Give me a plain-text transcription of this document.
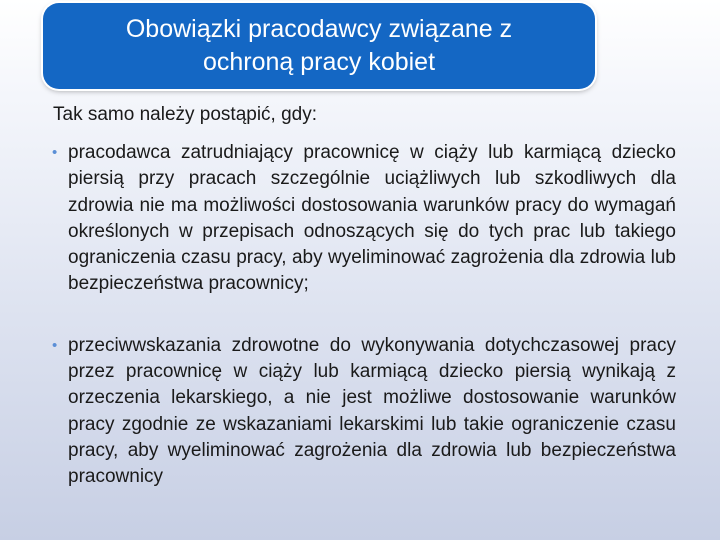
Obowiązki pracodawcy związane z ochroną pracy kobiet
Tak samo należy postąpić, gdy:
• pracodawca zatrudniający pracownicę w ciąży lub karmiącą dziecko piersią przy pracach szczególnie uciążliwych lub szkodliwych dla zdrowia nie ma możliwości dostosowania warunków pracy do wymagań określonych w przepisach odnoszących się do tych prac lub takiego ograniczenia czasu pracy, aby wyeliminować zagrożenia dla zdrowia lub bezpieczeństwa pracownicy;
• przeciwwskazania zdrowotne do wykonywania dotychczasowej pracy przez pracownicę w ciąży lub karmiącą dziecko piersią wynikają z orzeczenia lekarskiego, a nie jest możliwe dostosowanie warunków pracy zgodnie ze wskazaniami lekarskimi lub takie ograniczenie czasu pracy, aby wyeliminować zagrożenia dla zdrowia lub bezpieczeństwa pracownicy
